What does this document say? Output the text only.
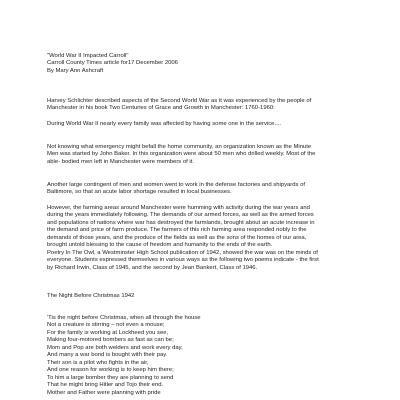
"World War II Impacted Carroll"
Carroll County Times article for17 December 2006
By Mary Ann Ashcraft
Harvey Schlichter described aspects of the Second World War as it was experienced by the people of
Manchester in his book Two Centuries of Grace and Growth in Manchester: 1760-1960:
During World War II nearly every family was affected by having some one in the service....
Not knowing what emergency might befall the home community, an organization known as the Minute
Men was started by John Baker. In this organization were about 50 men who drilled weekly. Most of the
able- bodied men left in Manchester were members of it.
Another large contingent of men and women went to work in the defense factories and shipyards of
Baltimore, so that an acute labor shortage resulted in local businesses.
However, the farming areas around Manchester were humming with activity during the war years and
during the years immediately following. The demands of our armed forces, as well as the armed forces
and populations of nations where war has destroyed the farmlands, brought about an acute increase in
the demand and price of farm produce. The farmers of this rich farming area responded nobly to the
demands of those years, and the produce of the fields as well as the sons of the homes of our area,
brought untold blessing to the cause of freedom and humanity to the ends of the earth.
Poetry In The Owl, a Westminster High School publication of 1942, showed the war was on the minds of
everyone. Students expressed themselves in various ways as the following two poems indicate - the first
by Richard Irwin, Class of 1945, and the second by Jean Bankert, Class of 1946.
The Night Before Christmas 1942
'Tis the night before Christmas, when all through the house
Not a creature is stirring – not even a mouse;
For the family is working at Lockheed you see,
Making four-motored bombers as fast as can be;
Mom and Pop are both welders and work every day,
And many a war bond is bought with their pay.
Their son is a pilot who fights in the air,
And one reason for working is to keep him there;
To him a large bomber they are planning to send
That he might bring Hitler and Tojo their end.
Mother and Father were planning with pride
